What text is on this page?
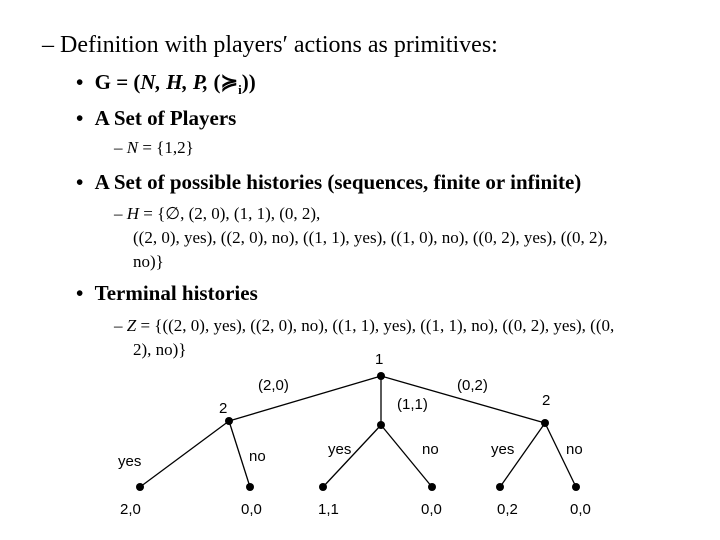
– Definition with players′ actions as primitives:
• G = (N, H, P, $(≽_i)$)
• A Set of Players
– N = {1,2}
• A Set of possible histories (sequences, finite or infinite)
– H = {∅, (2, 0), (1, 1), (0, 2),
((2, 0), yes), ((2, 0), no), ((1, 1), yes), ((1, 0), no), ((0, 2), yes), ((0, 2),
no)}
• Terminal histories
– Z = {((2, 0), yes), ((2, 0), no), ((1, 1), yes), ((1, 1), no), ((0, 2), yes), ((0,
2), no)}
1
2	2
(2,0)
(1,1)
(0,2)
yes	no	yes	no	yes	no
2,0	0,0	1,1	0,0	0,2	0,0
